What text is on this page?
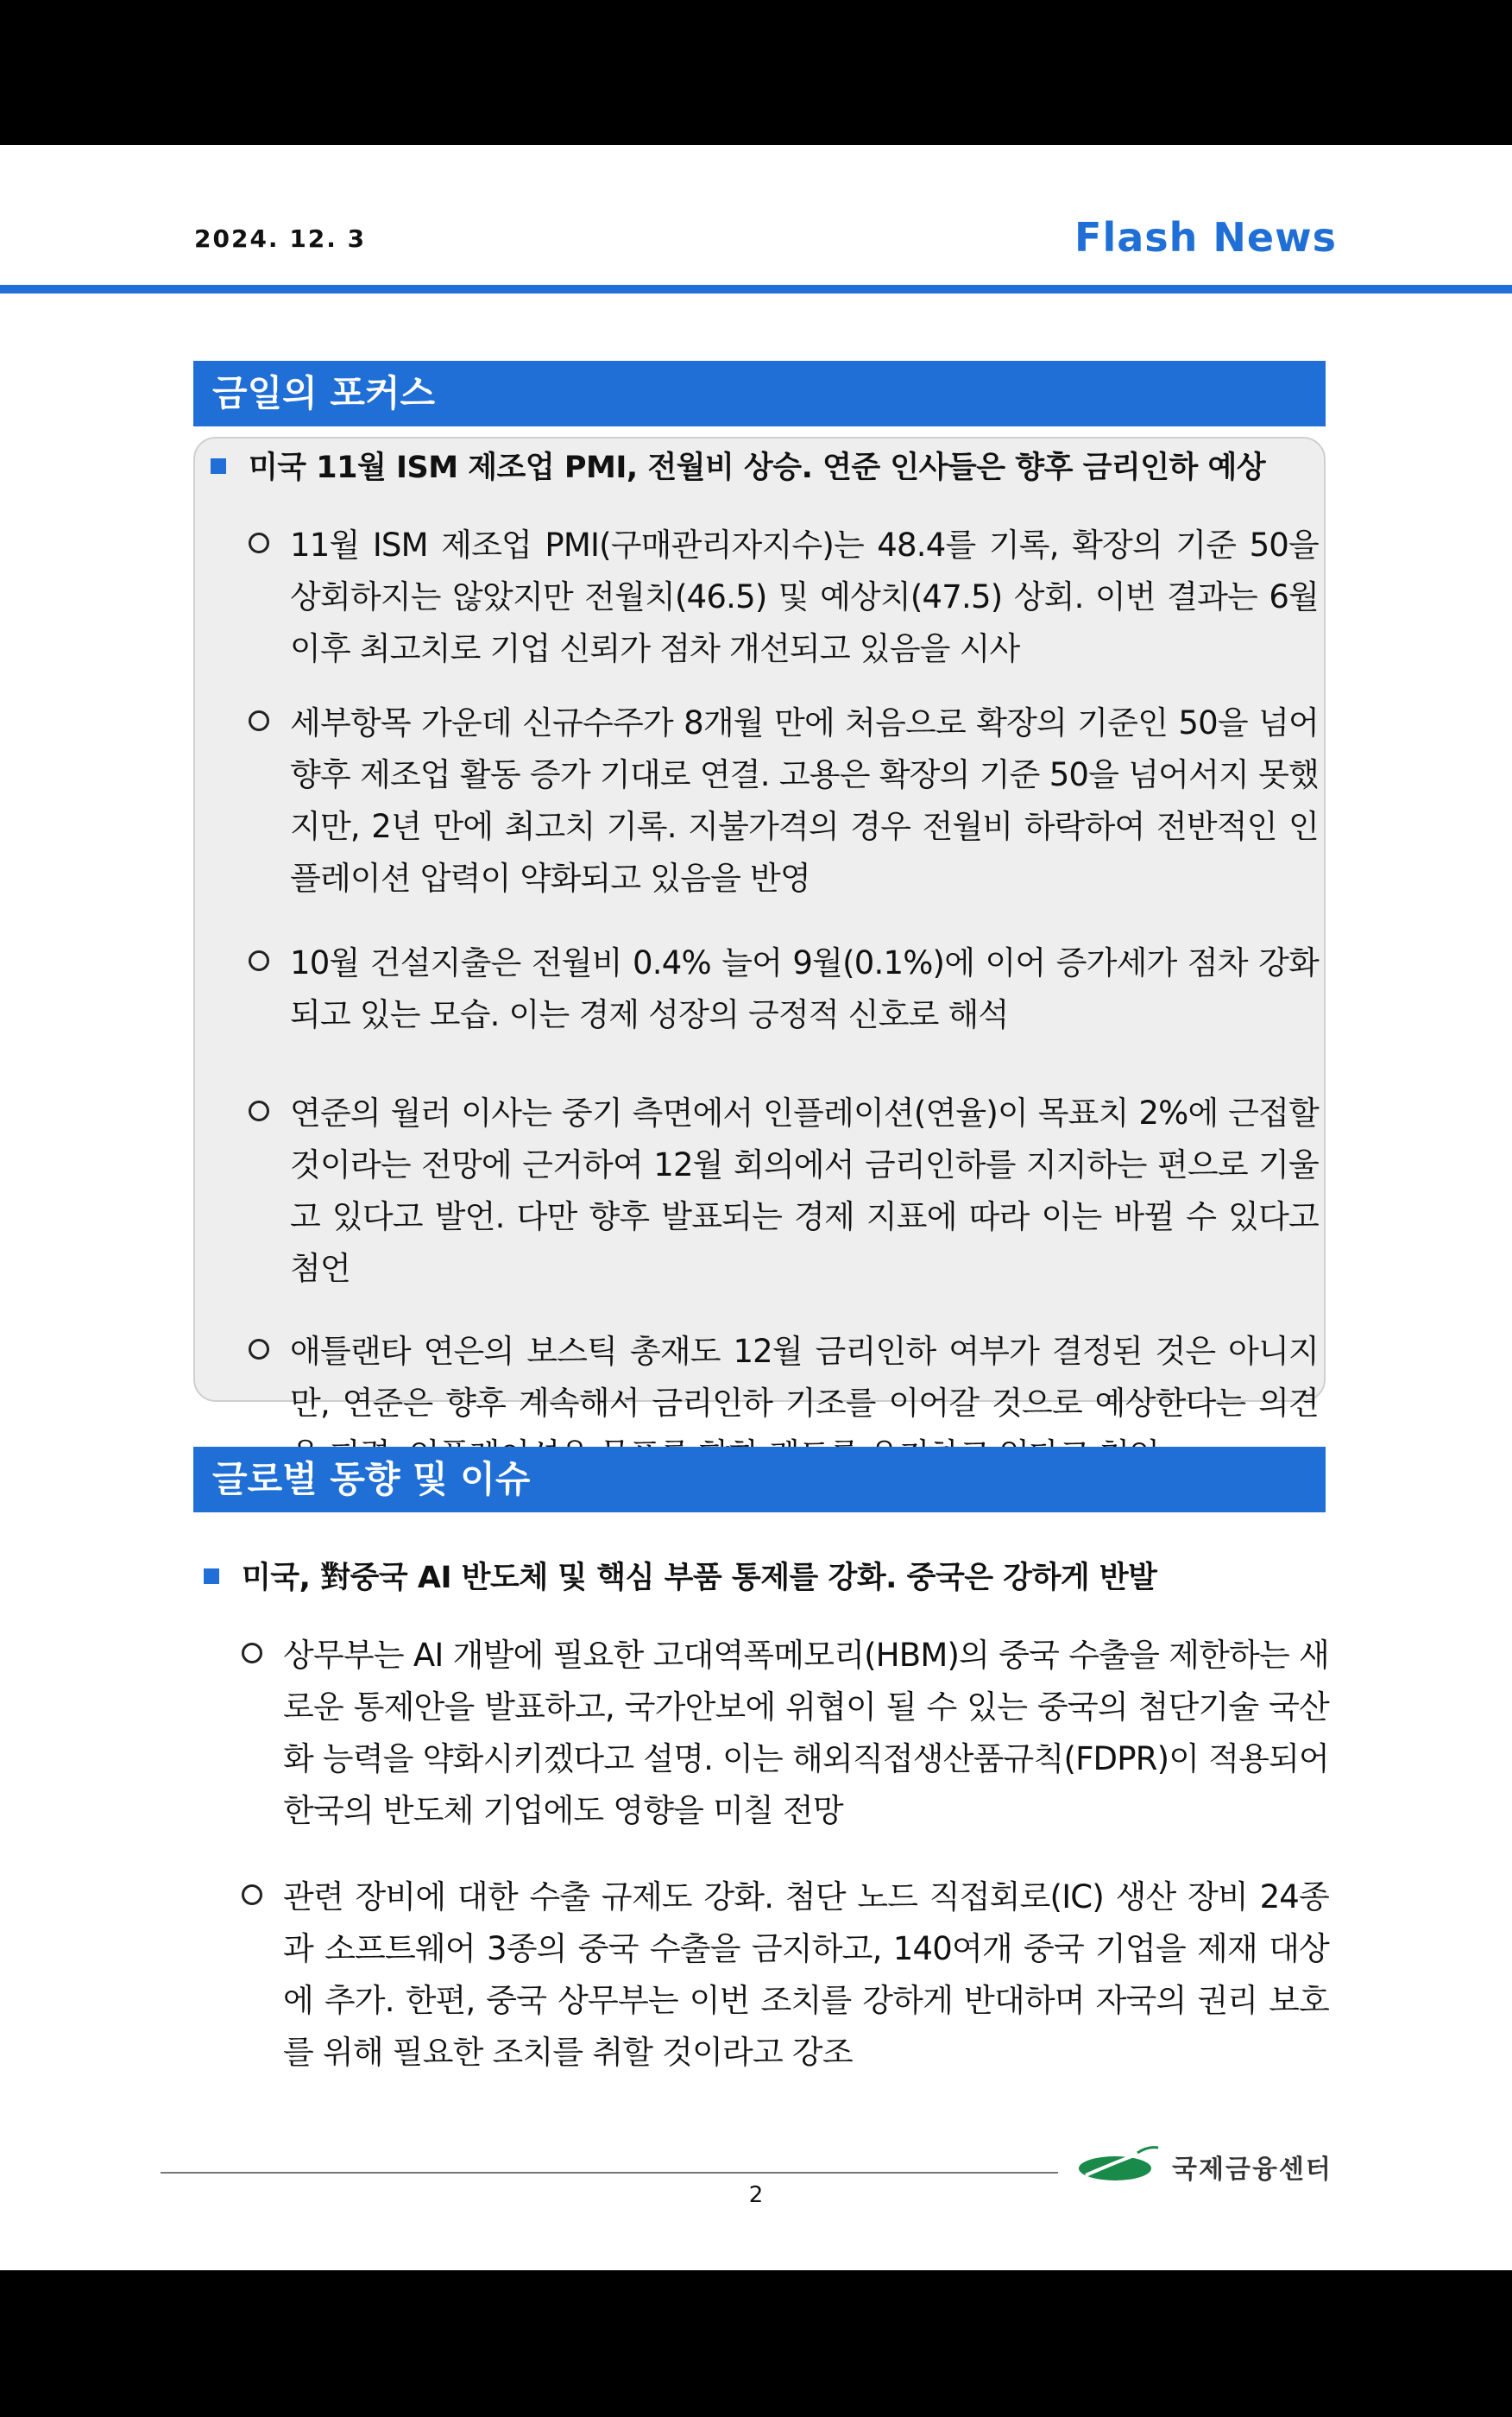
2024. 12. 3	Flash News
금일의 포커스
미국 11월 ISM 제조업 PMI, 전월비 상승. 연준 인사들은 향후 금리인하 예상
11월 ISM 제조업 PMI(구매관리자지수)는 48.4를 기록, 확장의 기준 50을 상회하지는 않았지만 전월치(46.5) 및 예상치(47.5) 상회. 이번 결과는 6월 이후 최고치로 기업 신뢰가 점차 개선되고 있음을 시사
세부항목 가운데 신규수주가 8개월 만에 처음으로 확장의 기준인 50을 넘어 향후 제조업 활동 증가 기대로 연결. 고용은 확장의 기준 50을 넘어서지 못했지만, 2년 만에 최고치 기록. 지불가격의 경우 전월비 하락하여 전반적인 인플레이션 압력이 약화되고 있음을 반영
10월 건설지출은 전월비 0.4% 늘어 9월(0.1%)에 이어 증가세가 점차 강화되고 있는 모습. 이는 경제 성장의 긍정적 신호로 해석
연준의 월러 이사는 중기 측면에서 인플레이션(연율)이 목표치 2%에 근접할 것이라는 전망에 근거하여 12월 회의에서 금리인하를 지지하는 편으로 기울고 있다고 발언. 다만 향후 발표되는 경제 지표에 따라 이는 바뀔 수 있다고 첨언
애틀랜타 연은의 보스틱 총재도 12월 금리인하 여부가 결정된 것은 아니지만, 연준은 향후 계속해서 금리인하 기조를 이어갈 것으로 예상한다는 의견
글로벌 동향 및 이슈
미국, 對중국 AI 반도체 및 핵심 부품 통제를 강화. 중국은 강하게 반발
상무부는 AI 개발에 필요한 고대역폭메모리(HBM)의 중국 수출을 제한하는 새로운 통제안을 발표하고, 국가안보에 위협이 될 수 있는 중국의 첨단기술 국산화 능력을 약화시키겠다고 설명. 이는 해외직접생산품규칙(FDPR)이 적용되어 한국의 반도체 기업에도 영향을 미칠 전망
관련 장비에 대한 수출 규제도 강화. 첨단 노드 직접회로(IC) 생산 장비 24종과 소프트웨어 3종의 중국 수출을 금지하고, 140여개 중국 기업을 제재 대상에 추가. 한편, 중국 상무부는 이번 조치를 강하게 반대하며 자국의 권리 보호를 위해 필요한 조치를 취할 것이라고 강조
국제금융센터
2
